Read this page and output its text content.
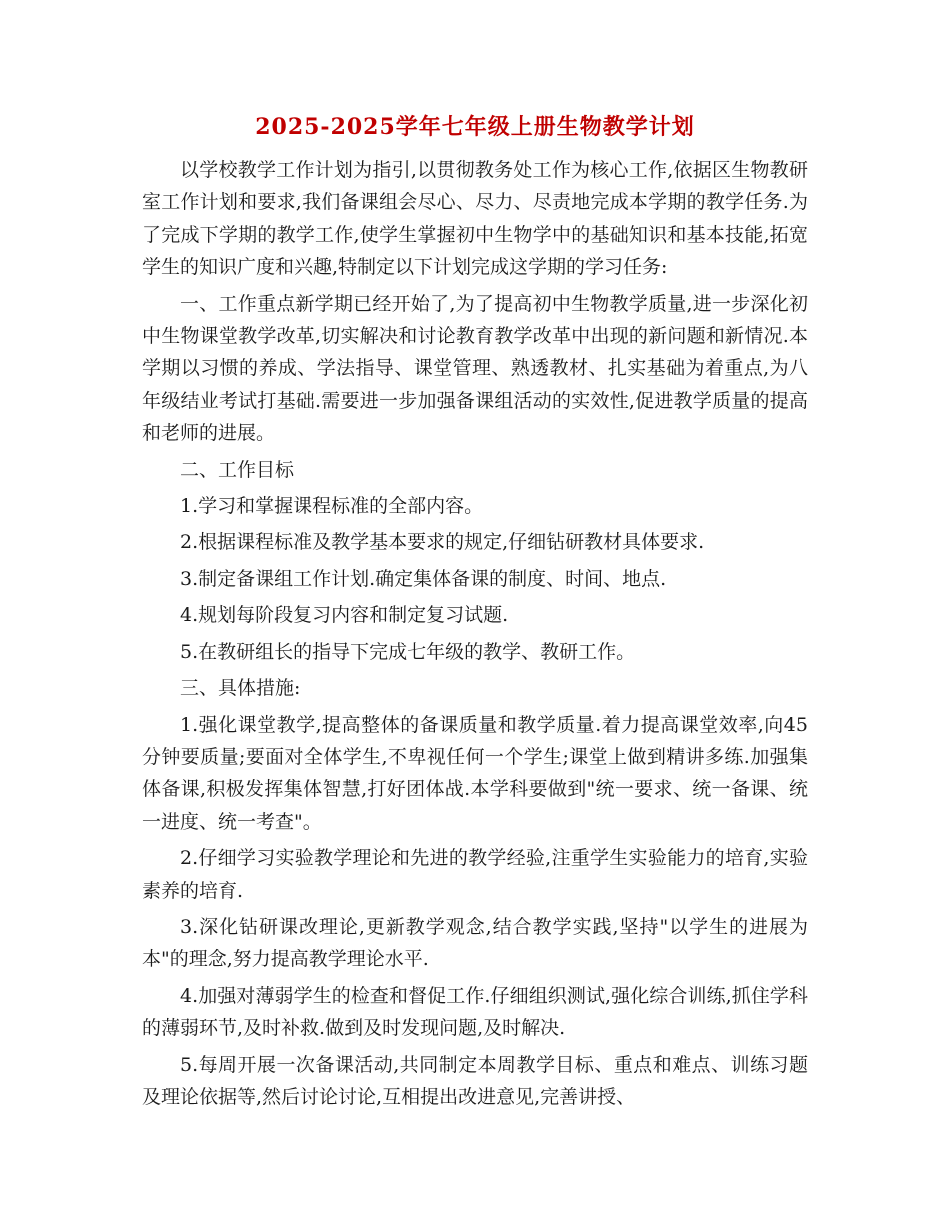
2025-2025学年七年级上册生物教学计划

以学校教学工作计划为指引,以贯彻教务处工作为核心工作,依据区生物教研室工作计划和要求,我们备课组会尽心、尽力、尽责地完成本学期的教学任务.为了完成下学期的教学工作,使学生掌握初中生物学中的基础知识和基本技能,拓宽学生的知识广度和兴趣,特制定以下计划完成这学期的学习任务:

一、工作重点新学期已经开始了,为了提高初中生物教学质量,进一步深化初中生物课堂教学改革,切实解决和讨论教育教学改革中出现的新问题和新情况.本学期以习惯的养成、学法指导、课堂管理、熟透教材、扎实基础为着重点,为八年级结业考试打基础.需要进一步加强备课组活动的实效性,促进教学质量的提高和老师的进展。

二、工作目标

1.学习和掌握课程标准的全部内容。

2.根据课程标准及教学基本要求的规定,仔细钻研教材具体要求.

3.制定备课组工作计划.确定集体备课的制度、时间、地点.

4.规划每阶段复习内容和制定复习试题.

5.在教研组长的指导下完成七年级的教学、教研工作。

三、具体措施:

1.强化课堂教学,提高整体的备课质量和教学质量.着力提高课堂效率,向45分钟要质量;要面对全体学生,不卑视任何一个学生;课堂上做到精讲多练.加强集体备课,积极发挥集体智慧,打好团体战.本学科要做到"统一要求、统一备课、统一进度、统一考查"。

2.仔细学习实验教学理论和先进的教学经验,注重学生实验能力的培育,实验素养的培育.

3.深化钻研课改理论,更新教学观念,结合教学实践,坚持"以学生的进展为本"的理念,努力提高教学理论水平.

4.加强对薄弱学生的检查和督促工作.仔细组织测试,强化综合训练,抓住学科的薄弱环节,及时补救.做到及时发现问题,及时解决.

5.每周开展一次备课活动,共同制定本周教学目标、重点和难点、训练习题及理论依据等,然后讨论讨论,互相提出改进意见,完善讲授、
